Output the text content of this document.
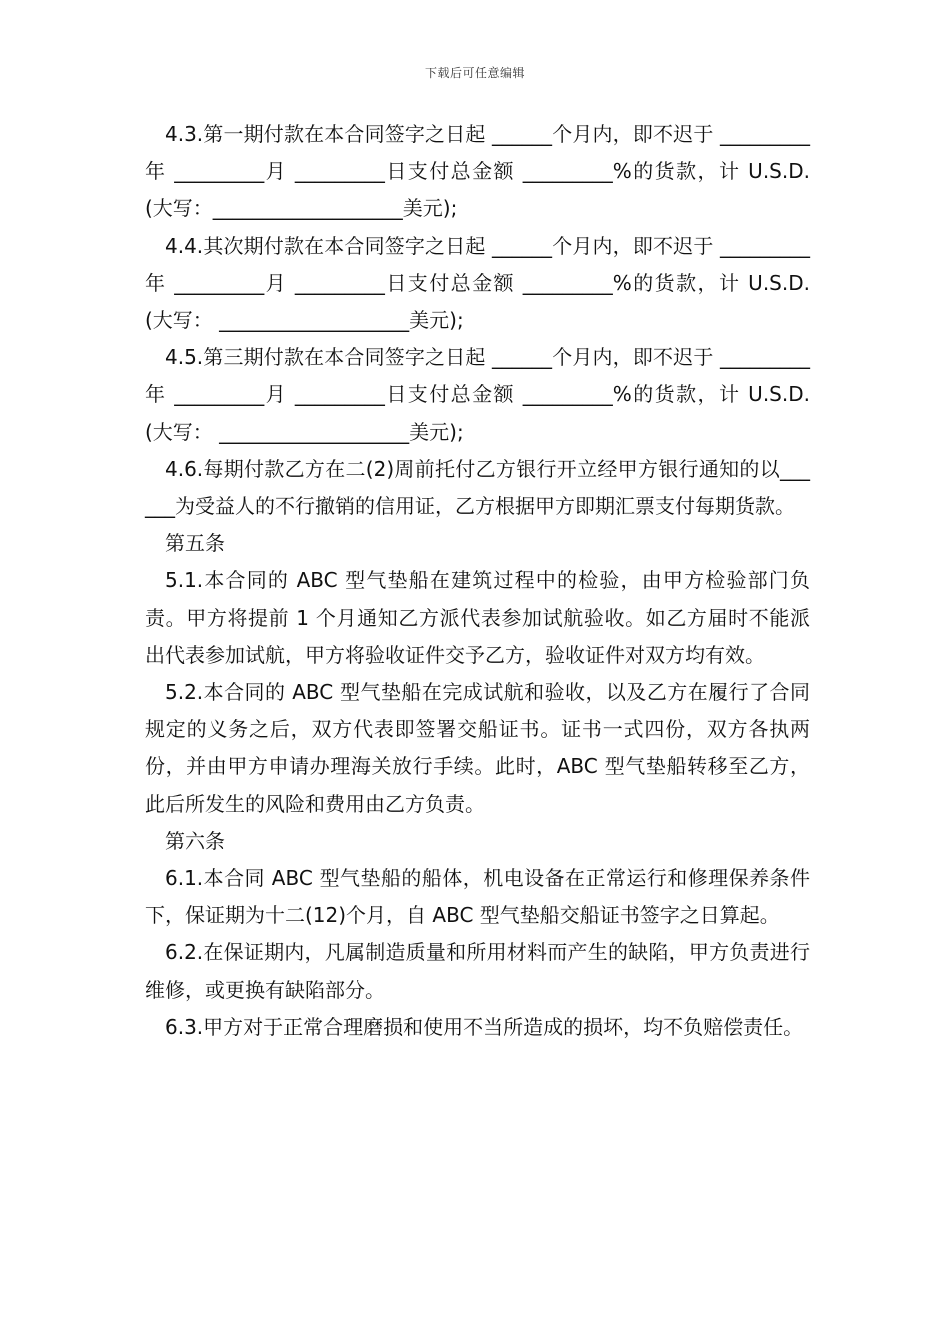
下载后可任意编辑

4.3.第一期付款在本合同签字之日起 ______个月内，即不迟于 _________年 _________月 _________日支付总金额 _________%的货款，计 U.S.D. (大写：___________________美元);

4.4.其次期付款在本合同签字之日起 ______个月内，即不迟于 _________年 _________月 _________日支付总金额 _________%的货款，计 U.S.D. (大写： ___________________美元);

4.5.第三期付款在本合同签字之日起 ______个月内，即不迟于 _________年 _________月 _________日支付总金额 _________%的货款，计 U.S.D. (大写： ___________________美元);

4.6.每期付款乙方在二(2)周前托付乙方银行开立经甲方银行通知的以______为受益人的不行撤销的信用证，乙方根据甲方即期汇票支付每期货款。

第五条

5.1.本合同的 ABC 型气垫船在建筑过程中的检验，由甲方检验部门负责。甲方将提前 1 个月通知乙方派代表参加试航验收。如乙方届时不能派出代表参加试航，甲方将验收证件交予乙方，验收证件对双方均有效。

5.2.本合同的 ABC 型气垫船在完成试航和验收，以及乙方在履行了合同规定的义务之后，双方代表即签署交船证书。证书一式四份，双方各执两份，并由甲方申请办理海关放行手续。此时，ABC 型气垫船转移至乙方，此后所发生的风险和费用由乙方负责。

第六条

6.1.本合同 ABC 型气垫船的船体，机电设备在正常运行和修理保养条件下，保证期为十二(12)个月，自 ABC 型气垫船交船证书签字之日算起。

6.2.在保证期内，凡属制造质量和所用材料而产生的缺陷，甲方负责进行维修，或更换有缺陷部分。

6.3.甲方对于正常合理磨损和使用不当所造成的损坏，均不负赔偿责任。
